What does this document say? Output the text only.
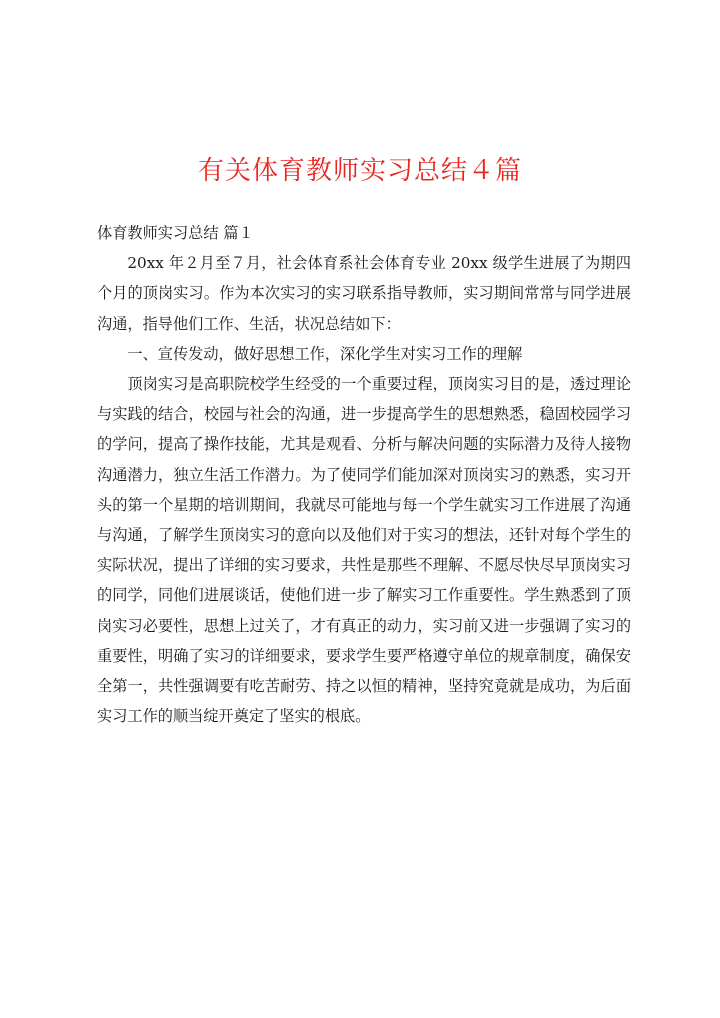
有关体育教师实习总结４篇

体育教师实习总结 篇１

20xx 年２月至７月，社会体育系社会体育专业 20xx 级学生进展了为期四个月的顶岗实习。作为本次实习的实习联系指导教师，实习期间常常与同学进展沟通，指导他们工作、生活，状况总结如下：

一、宣传发动，做好思想工作，深化学生对实习工作的理解

顶岗实习是高职院校学生经受的一个重要过程，顶岗实习目的是，透过理论与实践的结合，校园与社会的沟通，进一步提高学生的思想熟悉，稳固校园学习的学问，提高了操作技能，尤其是观看、分析与解决问题的实际潜力及待人接物沟通潜力，独立生活工作潜力。为了使同学们能加深对顶岗实习的熟悉，实习开头的第一个星期的培训期间，我就尽可能地与每一个学生就实习工作进展了沟通与沟通，了解学生顶岗实习的意向以及他们对于实习的想法，还针对每个学生的实际状况，提出了详细的实习要求，共性是那些不理解、不愿尽快尽早顶岗实习的同学，同他们进展谈话，使他们进一步了解实习工作重要性。学生熟悉到了顶岗实习必要性，思想上过关了，才有真正的动力，实习前又进一步强调了实习的重要性，明确了实习的详细要求，要求学生要严格遵守单位的规章制度，确保安全第一，共性强调要有吃苦耐劳、持之以恒的精神，坚持究竟就是成功，为后面实习工作的顺当绽开奠定了坚实的根底。
